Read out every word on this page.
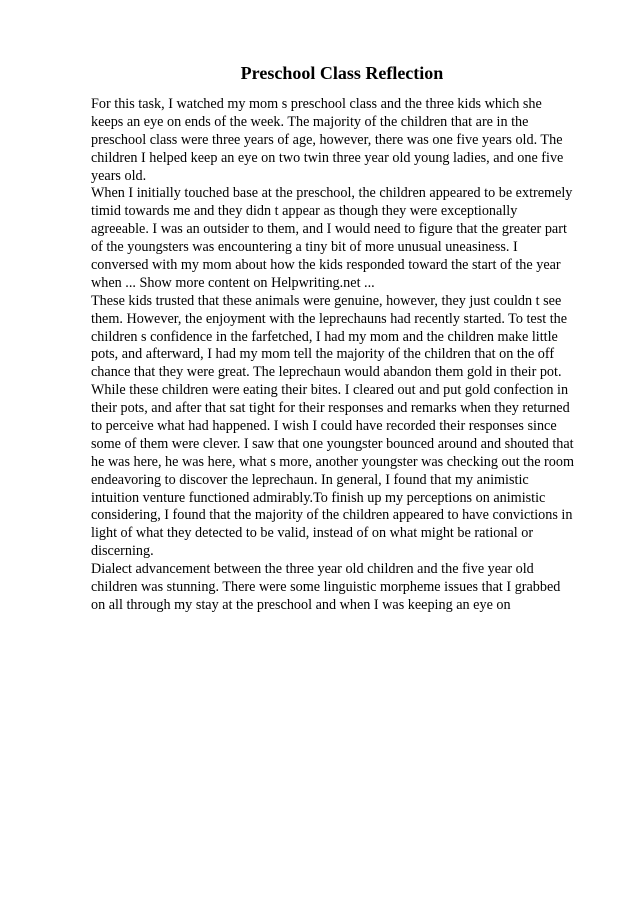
Preschool Class Reflection
For this task, I watched my mom s preschool class and the three kids which she
keeps an eye on ends of the week. The majority of the children that are in the
preschool class were three years of age, however, there was one five years old. The
children I helped keep an eye on two twin three year old young ladies, and one five
years old.
When I initially touched base at the preschool, the children appeared to be extremely
timid towards me and they didn t appear as though they were exceptionally
agreeable. I was an outsider to them, and I would need to figure that the greater part
of the youngsters was encountering a tiny bit of more unusual uneasiness. I
conversed with my mom about how the kids responded toward the start of the year
when ... Show more content on Helpwriting.net ...
These kids trusted that these animals were genuine, however, they just couldn t see
them. However, the enjoyment with the leprechauns had recently started. To test the
children s confidence in the farfetched, I had my mom and the children make little
pots, and afterward, I had my mom tell the majority of the children that on the off
chance that they were great. The leprechaun would abandon them gold in their pot.
While these children were eating their bites. I cleared out and put gold confection in
their pots, and after that sat tight for their responses and remarks when they returned
to perceive what had happened. I wish I could have recorded their responses since
some of them were clever. I saw that one youngster bounced around and shouted that
he was here, he was here, what s more, another youngster was checking out the room
endeavoring to discover the leprechaun. In general, I found that my animistic
intuition venture functioned admirably.To finish up my perceptions on animistic
considering, I found that the majority of the children appeared to have convictions in
light of what they detected to be valid, instead of on what might be rational or
discerning.
Dialect advancement between the three year old children and the five year old
children was stunning. There were some linguistic morpheme issues that I grabbed
on all through my stay at the preschool and when I was keeping an eye on
